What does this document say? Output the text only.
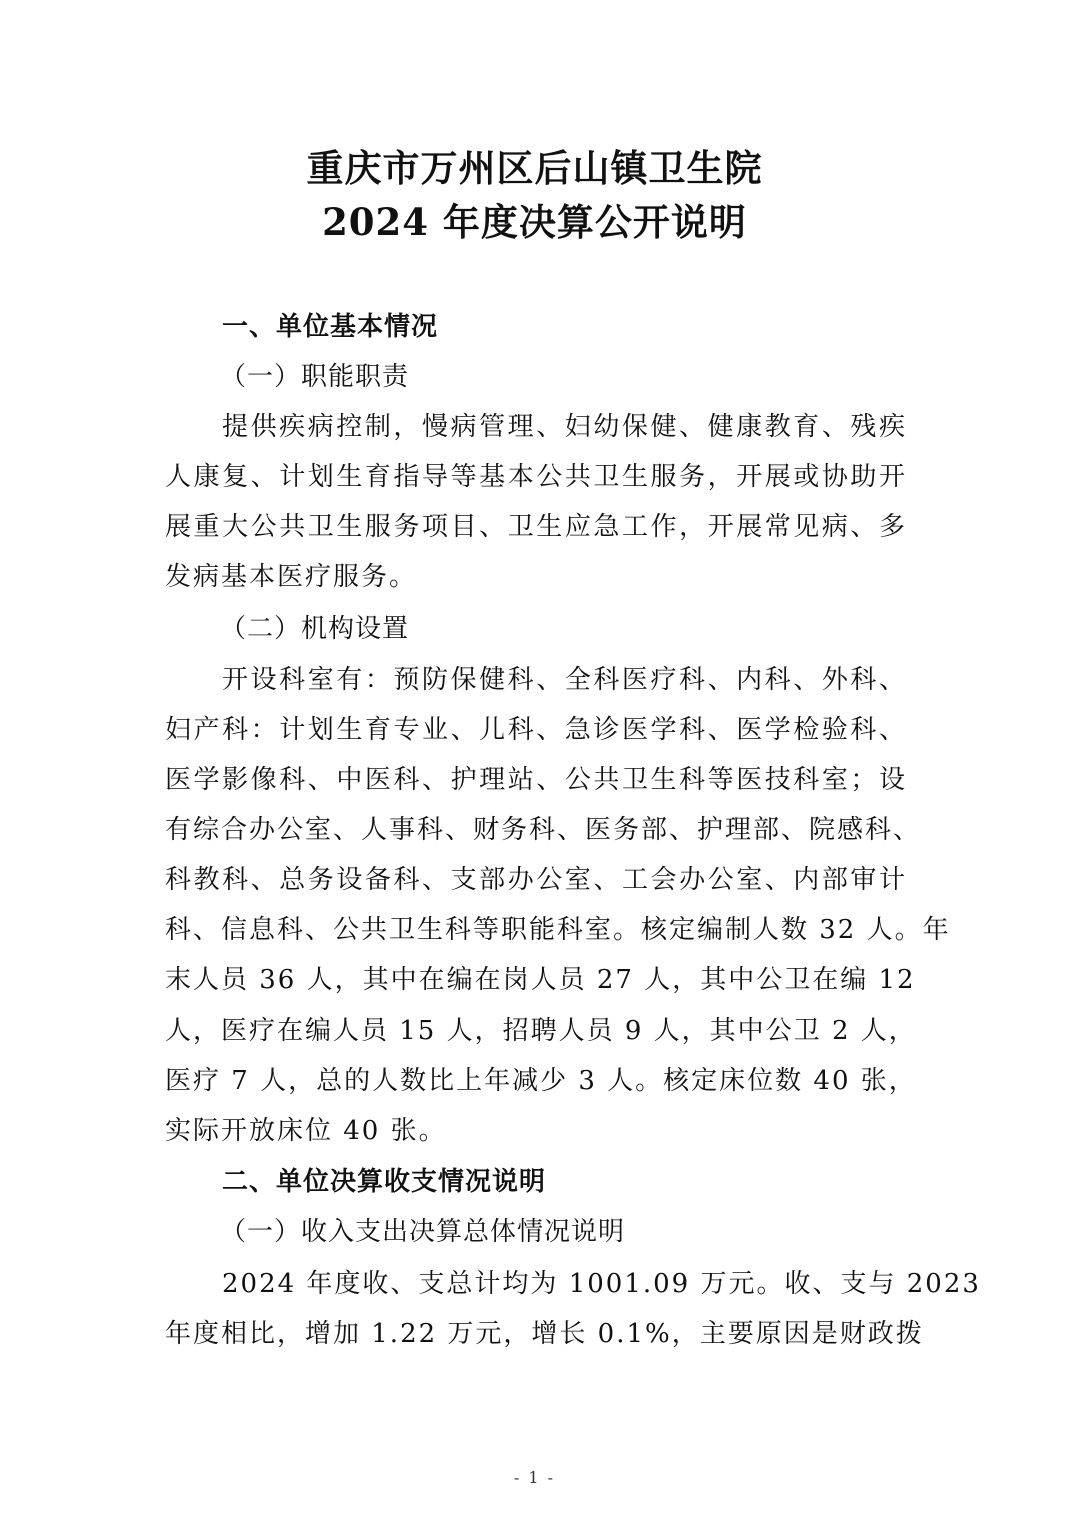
重庆市万州区后山镇卫生院
2024 年度决算公开说明
一、单位基本情况
（一）职能职责
提供疾病控制，慢病管理、妇幼保健、健康教育、残疾
人康复、计划生育指导等基本公共卫生服务，开展或协助开
展重大公共卫生服务项目、卫生应急工作，开展常见病、多
发病基本医疗服务。
（二）机构设置
开设科室有：预防保健科、全科医疗科、内科、外科、
妇产科：计划生育专业、儿科、急诊医学科、医学检验科、
医学影像科、中医科、护理站、公共卫生科等医技科室；设
有综合办公室、人事科、财务科、医务部、护理部、院感科、
科教科、总务设备科、支部办公室、工会办公室、内部审计
科、信息科、公共卫生科等职能科室。核定编制人数 32 人。年
末人员 36 人，其中在编在岗人员 27 人，其中公卫在编 12
人，医疗在编人员 15 人，招聘人员 9 人，其中公卫 2 人，
医疗 7 人，总的人数比上年减少 3 人。核定床位数 40 张，
实际开放床位 40 张。
二、单位决算收支情况说明
（一）收入支出决算总体情况说明
2024 年度收、支总计均为 1001.09 万元。收、支与 2023
年度相比，增加 1.22 万元，增长 0.1%，主要原因是财政拨
- 1 -
